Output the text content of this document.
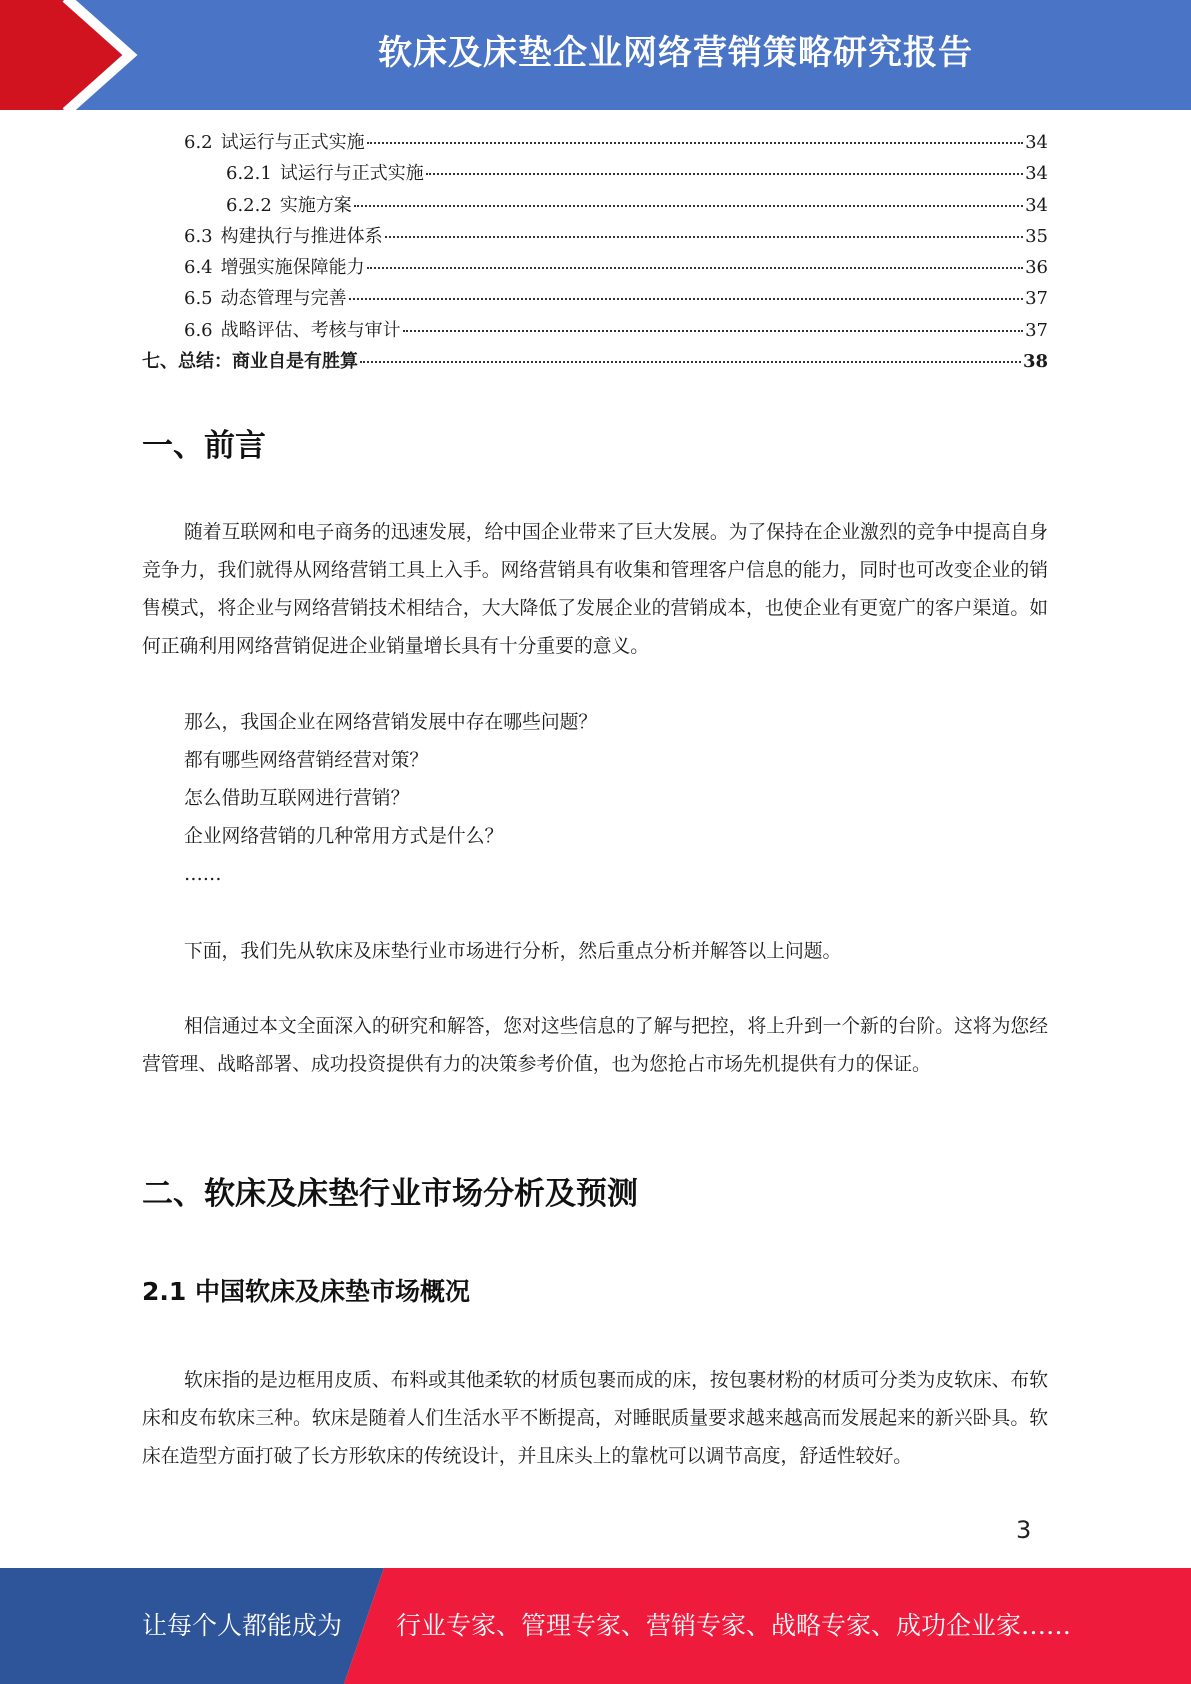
软床及床垫企业网络营销策略研究报告
6.2 试运行与正式实施	34
6.2.1 试运行与正式实施	34
6.2.2 实施方案	34
6.3 构建执行与推进体系	35
6.4 增强实施保障能力	36
6.5 动态管理与完善	37
6.6 战略评估、考核与审计	37
七、总结：商业自是有胜算	38
一、前言

随着互联网和电子商务的迅速发展，给中国企业带来了巨大发展。为了保持在企业激烈的竞争中提高自身竞争力，我们就得从网络营销工具上入手。网络营销具有收集和管理客户信息的能力，同时也可改变企业的销售模式，将企业与网络营销技术相结合，大大降低了发展企业的营销成本，也使企业有更宽广的客户渠道。如何正确利用网络营销促进企业销量增长具有十分重要的意义。

那么，我国企业在网络营销发展中存在哪些问题？
都有哪些网络营销经营对策？
怎么借助互联网进行营销？
企业网络营销的几种常用方式是什么？
……

下面，我们先从软床及床垫行业市场进行分析，然后重点分析并解答以上问题。

相信通过本文全面深入的研究和解答，您对这些信息的了解与把控，将上升到一个新的台阶。这将为您经营管理、战略部署、成功投资提供有力的决策参考价值，也为您抢占市场先机提供有力的保证。

二、软床及床垫行业市场分析及预测
2.1 中国软床及床垫市场概况

软床指的是边框用皮质、布料或其他柔软的材质包裹而成的床，按包裹材粉的材质可分类为皮软床、布软床和皮布软床三种。软床是随着人们生活水平不断提高，对睡眠质量要求越来越高而发展起来的新兴卧具。软床在造型方面打破了长方形软床的传统设计，并且床头上的靠枕可以调节高度，舒适性较好。

3
让每个人都能成为 行业专家、管理专家、营销专家、战略专家、成功企业家……
